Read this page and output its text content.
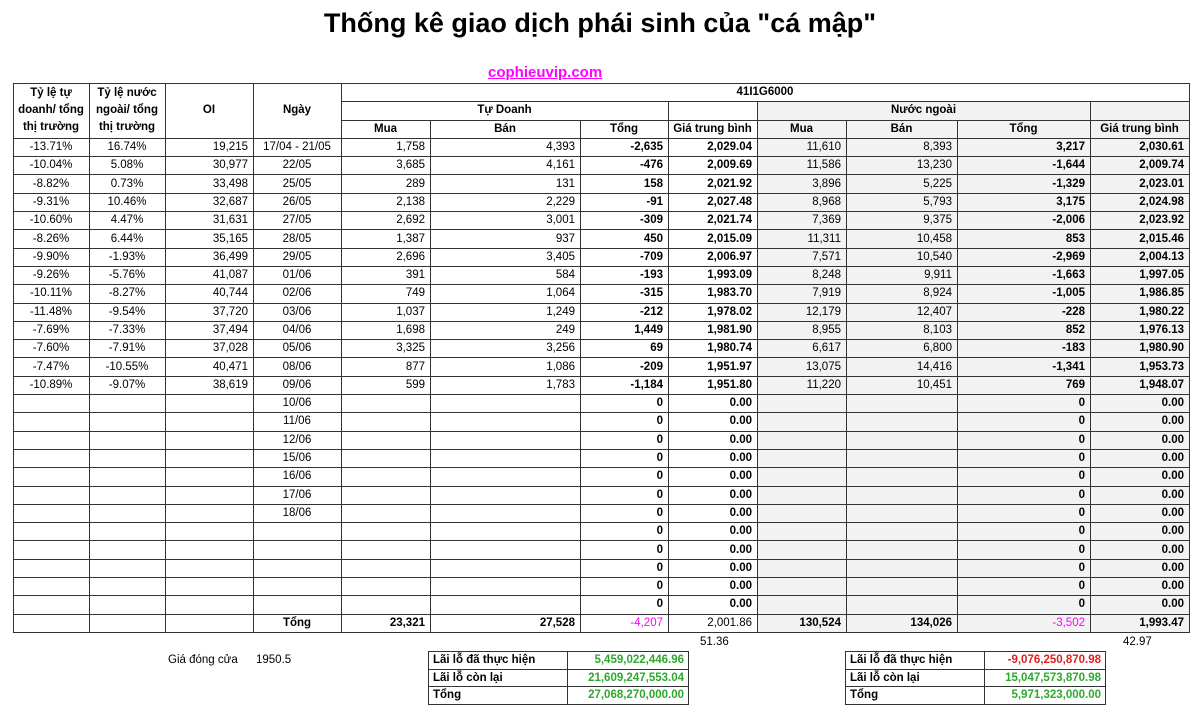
Thống kê giao dịch phái sinh của "cá mập"
cophieuvip.com
Tỷ lệ tự doanh/ tổng thị trường	Tỷ lệ nước ngoài/ tổng thị trường	OI	Ngày	41I1G6000							
				Tự Doanh				Nước ngoài			
				Mua	Bán	Tổng	Giá trung bình	Mua	Bán	Tổng	Giá trung bình
-13.71%	16.74%	19,215	17/04 - 21/05	1,758	4,393	-2,635	2,029.04	11,610	8,393	3,217	2,030.61
-10.04%	5.08%	30,977	22/05	3,685	4,161	-476	2,009.69	11,586	13,230	-1,644	2,009.74
-8.82%	0.73%	33,498	25/05	289	131	158	2,021.92	3,896	5,225	-1,329	2,023.01
-9.31%	10.46%	32,687	26/05	2,138	2,229	-91	2,027.48	8,968	5,793	3,175	2,024.98
-10.60%	4.47%	31,631	27/05	2,692	3,001	-309	2,021.74	7,369	9,375	-2,006	2,023.92
-8.26%	6.44%	35,165	28/05	1,387	937	450	2,015.09	11,311	10,458	853	2,015.46
-9.90%	-1.93%	36,499	29/05	2,696	3,405	-709	2,006.97	7,571	10,540	-2,969	2,004.13
-9.26%	-5.76%	41,087	01/06	391	584	-193	1,993.09	8,248	9,911	-1,663	1,997.05
-10.11%	-8.27%	40,744	02/06	749	1,064	-315	1,983.70	7,919	8,924	-1,005	1,986.85
-11.48%	-9.54%	37,720	03/06	1,037	1,249	-212	1,978.02	12,179	12,407	-228	1,980.22
-7.69%	-7.33%	37,494	04/06	1,698	249	1,449	1,981.90	8,955	8,103	852	1,976.13
-7.60%	-7.91%	37,028	05/06	3,325	3,256	69	1,980.74	6,617	6,800	-183	1,980.90
-7.47%	-10.55%	40,471	08/06	877	1,086	-209	1,951.97	13,075	14,416	-1,341	1,953.73
-10.89%	-9.07%	38,619	09/06	599	1,783	-1,184	1,951.80	11,220	10,451	769	1,948.07
			10/06			0	0.00			0	0.00
			11/06			0	0.00			0	0.00
			12/06			0	0.00			0	0.00
			15/06			0	0.00			0	0.00
			16/06			0	0.00			0	0.00
			17/06			0	0.00			0	0.00
			18/06			0	0.00			0	0.00
						0	0.00			0	0.00
						0	0.00			0	0.00
						0	0.00			0	0.00
						0	0.00			0	0.00
						0	0.00			0	0.00
			Tổng	23,321	27,528	-4,207	2,001.86	130,524	134,026	-3,502	1,993.47
51.36	42.97
Giá đóng cửa 1950.5	Lãi lỗ đã thực hiện	5,459,022,446.96
Lãi lỗ còn lại	21,609,247,553.04
Tổng	27,068,270,000.00
Lãi lỗ đã thực hiện	-9,076,250,870.98
Lãi lỗ còn lại	15,047,573,870.98
Tổng	5,971,323,000.00
